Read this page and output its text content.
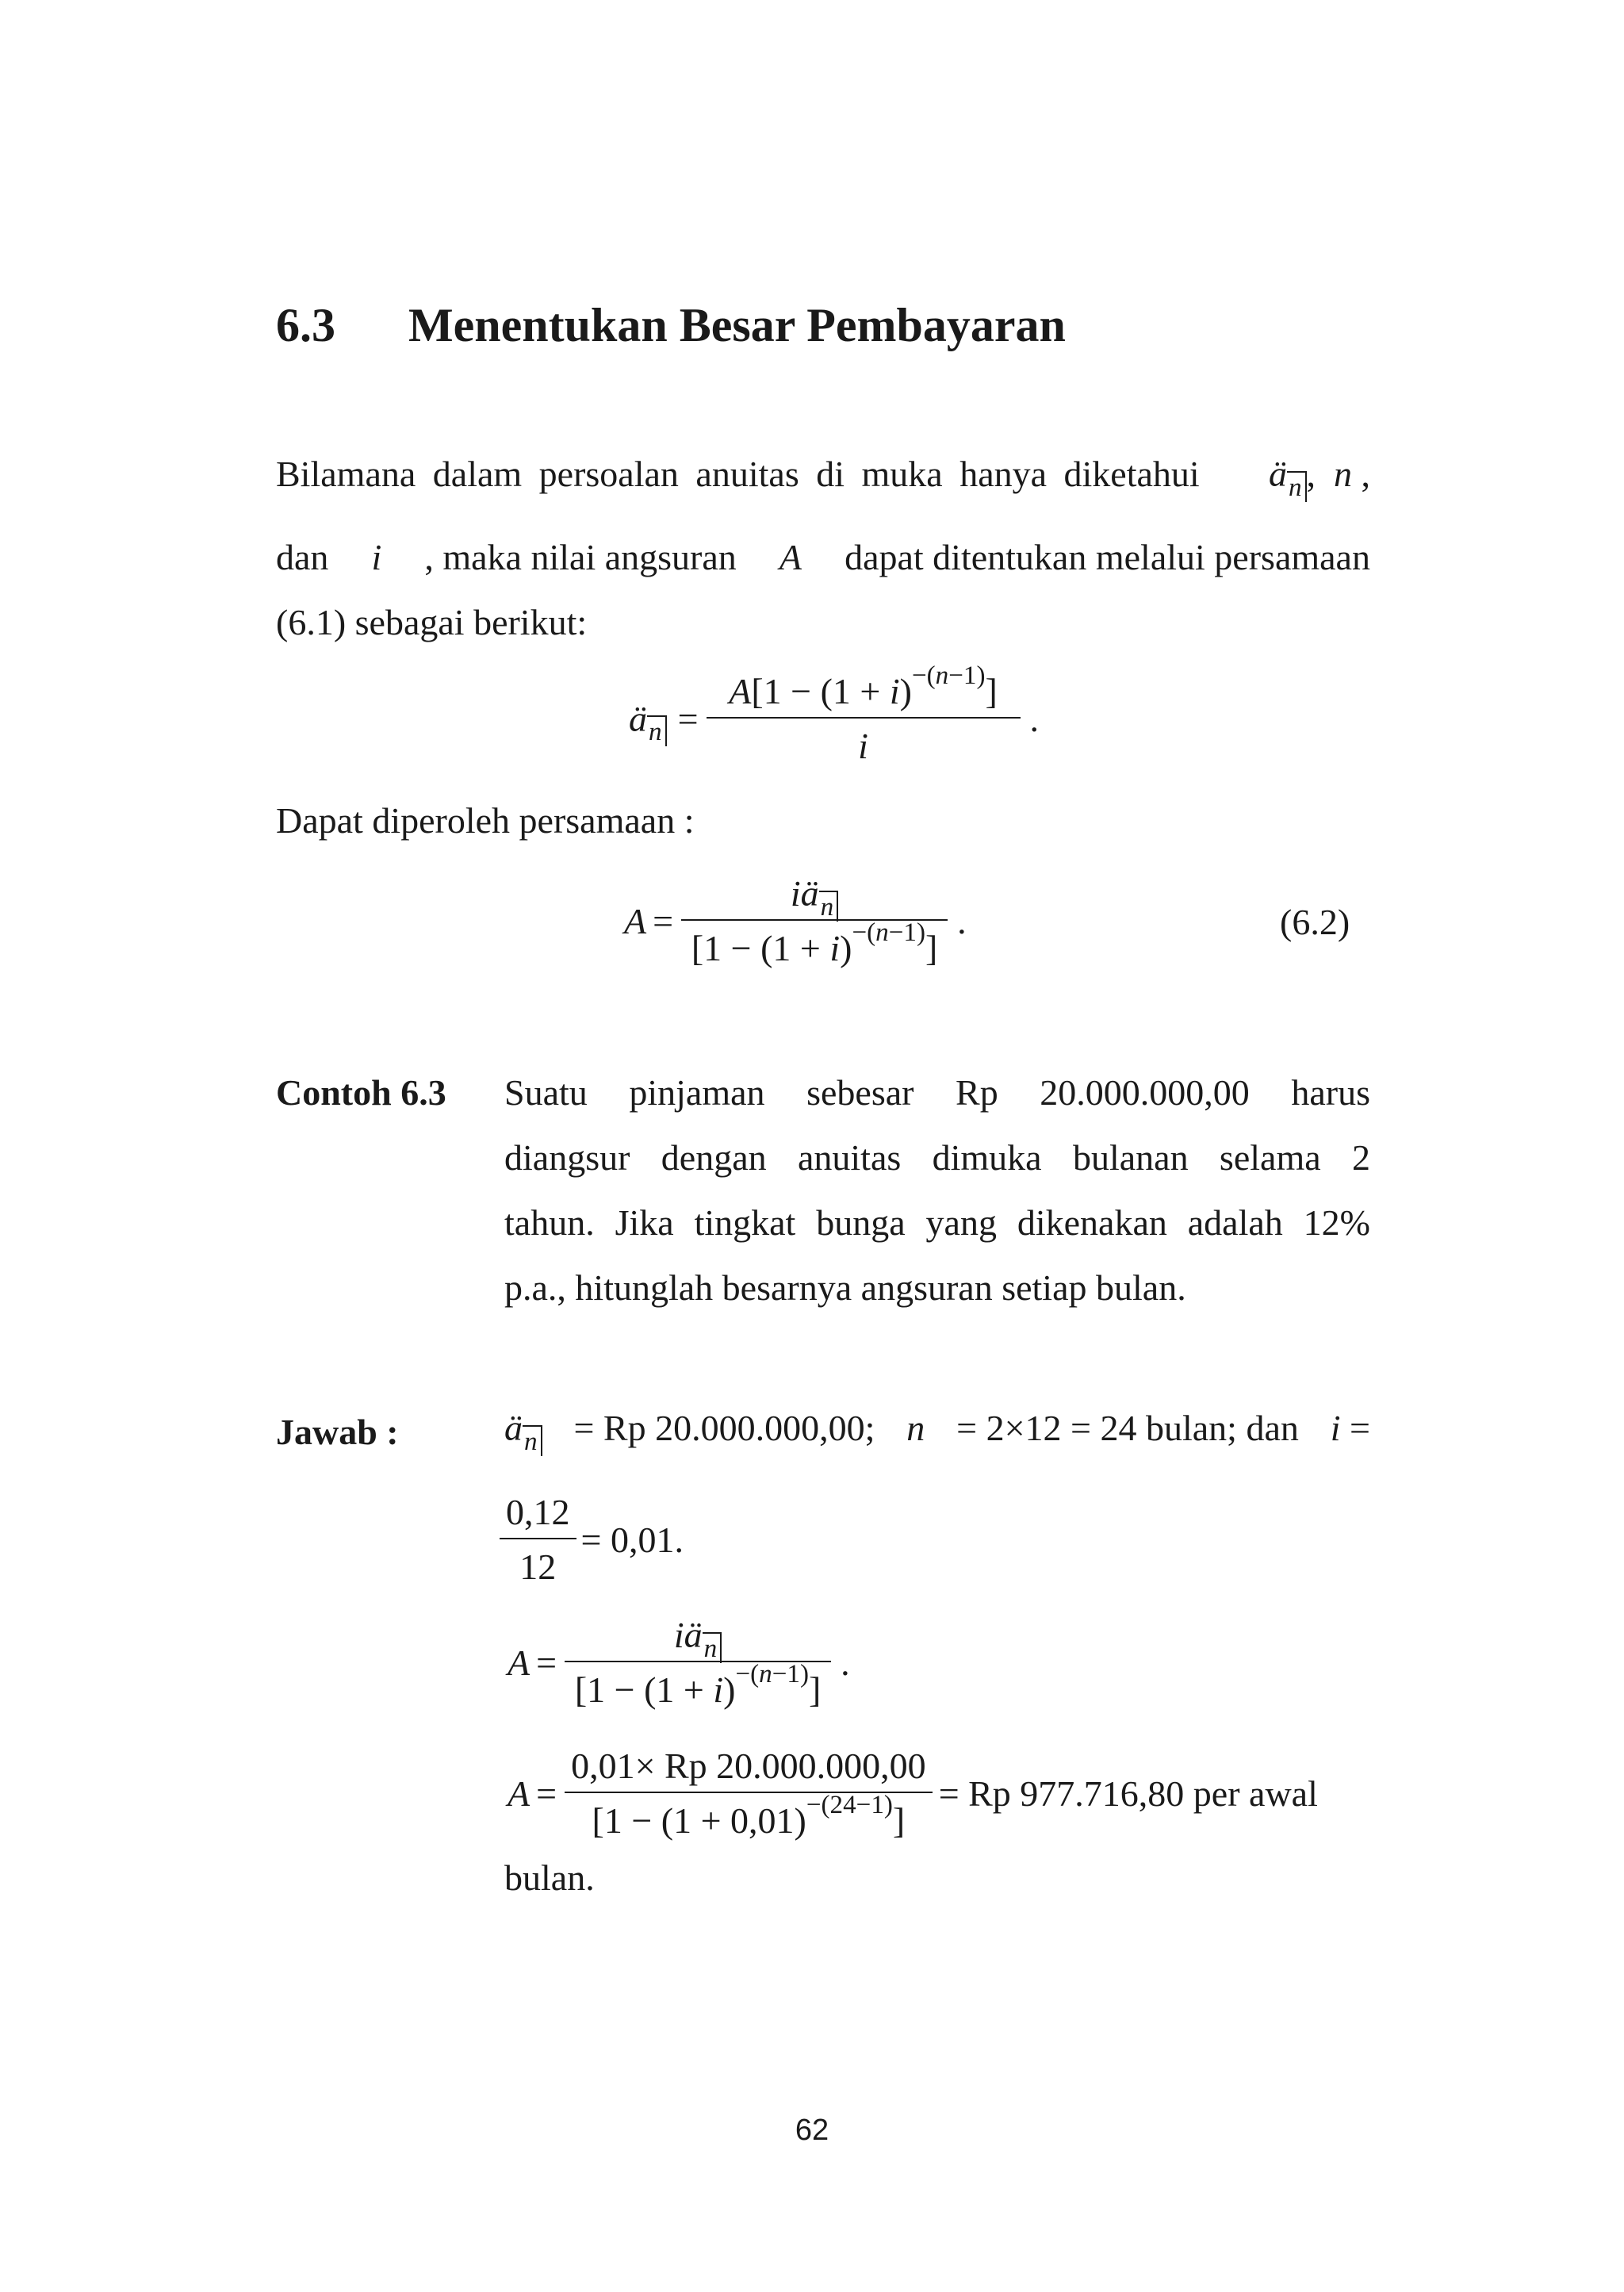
6.3 Menentukan Besar Pembayaran
Bilamana dalam persoalan anuitas di muka hanya diketahui $ä_n$ ,  n ,
dan i , maka nilai angsuran A dapat ditentukan melalui persamaan
(6.1) sebagai berikut:
$ä_n = \frac{A[1 - (1 + i)^{-(n-1)}]}{i}$ .
Dapat diperoleh persamaan :
$A = \frac{iä_n}{[1 - (1 + i)^{-(n-1)}]}$ .	(6.2)
Contoh 6.3 Suatu pinjaman sebesar Rp 20.000.000,00 harus
diangsur dengan anuitas dimuka bulanan selama 2
tahun. Jika tingkat bunga yang dikenakan adalah 12%
p.a., hitunglah besarnya angsuran setiap bulan.
Jawab :	$ä_n = Rp$ 20.000.000,00; n = 2×12 = 24 bulan; dan i =
$\frac{0,12}{12} = 0,01$.
$A = \frac{iä_n}{[1 - (1 + i)^{-(n-1)}]}$ .
$A = \frac{0,01\times Rp 20.000.000,00}{[1 - (1 + 0,01)^{-(24-1)}]} = Rp$ 977.716,80 per awal
bulan.
62
